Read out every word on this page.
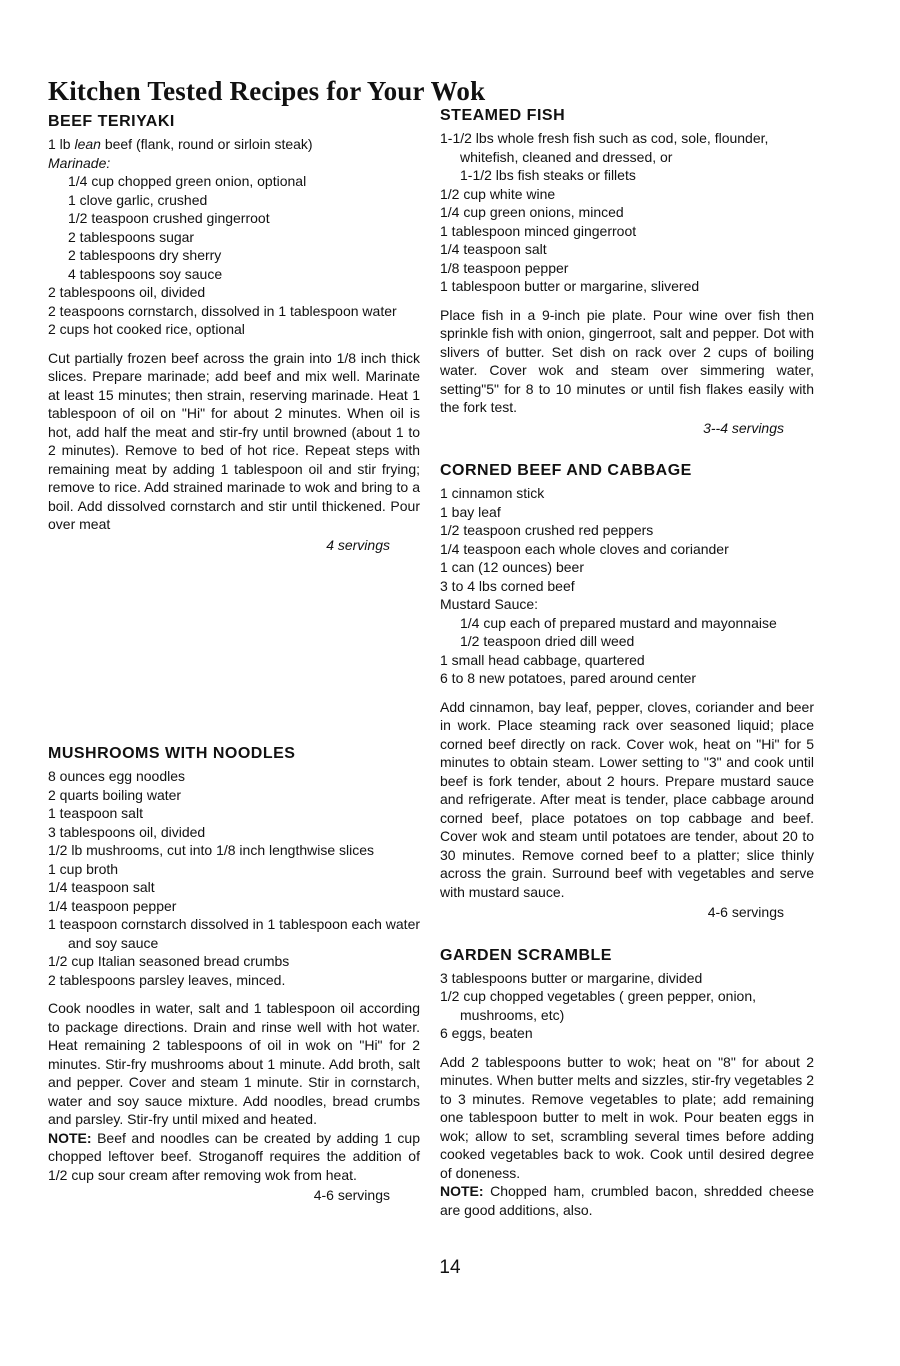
Kitchen Tested Recipes for Your Wok
BEEF TERIYAKI
1 lb lean beef (flank, round or sirloin steak)
Marinade:
1/4 cup chopped green onion, optional
1 clove garlic, crushed
1/2 teaspoon crushed gingerroot
2 tablespoons sugar
2 tablespoons dry sherry
4 tablespoons soy sauce
2 tablespoons oil, divided
2 teaspoons cornstarch, dissolved in 1 tablespoon water
2 cups hot cooked rice, optional

Cut partially frozen beef across the grain into 1/8 inch thick slices. Prepare marinade; add beef and mix well. Marinate at least 15 minutes; then strain, reserving marinade. Heat 1 tablespoon of oil on "Hi" for about 2 minutes. When oil is hot, add half the meat and stir-fry until browned (about 1 to 2 minutes). Remove to bed of hot rice. Repeat steps with remaining meat by adding 1 tablespoon oil and stir frying; remove to rice. Add strained marinade to wok and bring to a boil. Add dissolved cornstarch and stir until thickened. Pour over meat

4 servings

MUSHROOMS WITH NOODLES
8 ounces egg noodles
2 quarts boiling water
1 teaspoon salt
3 tablespoons oil, divided
1/2 lb mushrooms, cut into 1/8 inch lengthwise slices
1 cup broth
1/4 teaspoon salt
1/4 teaspoon pepper
1 teaspoon cornstarch dissolved in 1 tablespoon each water and soy sauce
1/2 cup Italian seasoned bread crumbs
2 tablespoons parsley leaves, minced.

Cook noodles in water, salt and 1 tablespoon oil according to package directions. Drain and rinse well with hot water. Heat remaining 2 tablespoons of oil in wok on "Hi" for 2 minutes. Stir-fry mushrooms about 1 minute. Add broth, salt and pepper. Cover and steam 1 minute. Stir in cornstarch, water and soy sauce mixture. Add noodles, bread crumbs and parsley. Stir-fry until mixed and heated.

NOTE: Beef and noodles can be created by adding 1 cup chopped leftover beef. Stroganoff requires the addition of 1/2 cup sour cream after removing wok from heat.

4-6 servings

STEAMED FISH
1-1/2 lbs whole fresh fish such as cod, sole, flounder, whitefish, cleaned and dressed, or
1-1/2 lbs fish steaks or fillets
1/2 cup white wine
1/4 cup green onions, minced
1 tablespoon minced gingerroot
1/4 teaspoon salt
1/8 teaspoon pepper
1 tablespoon butter or margarine, slivered

Place fish in a 9-inch pie plate. Pour wine over fish then sprinkle fish with onion, gingerroot, salt and pepper. Dot with slivers of butter. Set dish on rack over 2 cups of boiling water. Cover wok and steam over simmering water, setting"5" for 8 to 10 minutes or until fish flakes easily with the fork test.

3--4 servings

CORNED BEEF AND CABBAGE
1 cinnamon stick
1 bay leaf
1/2 teaspoon crushed red peppers
1/4 teaspoon each whole cloves and coriander
1 can (12 ounces) beer
3 to 4 lbs corned beef
Mustard Sauce:
1/4 cup each of prepared mustard and mayonnaise
1/2 teaspoon dried dill weed
1 small head cabbage, quartered
6 to 8 new potatoes, pared around center

Add cinnamon, bay leaf, pepper, cloves, coriander and beer in work. Place steaming rack over seasoned liquid; place corned beef directly on rack. Cover wok, heat on "Hi" for 5 minutes to obtain steam. Lower setting to "3" and cook until beef is fork tender, about 2 hours. Prepare mustard sauce and refrigerate. After meat is tender, place cabbage around corned beef, place potatoes on top cabbage and beef. Cover wok and steam until potatoes are tender, about 20 to 30 minutes. Remove corned beef to a platter; slice thinly across the grain. Surround beef with vegetables and serve with mustard sauce.

4-6 servings

GARDEN SCRAMBLE
3 tablespoons butter or margarine, divided
1/2 cup chopped vegetables ( green pepper, onion, mushrooms, etc)
6 eggs, beaten

Add 2 tablespoons butter to wok; heat on "8" for about 2 minutes. When butter melts and sizzles, stir-fry vegetables 2 to 3 minutes. Remove vegetables to plate; add remaining one tablespoon butter to melt in wok. Pour beaten eggs in wok; allow to set, scrambling several times before adding cooked vegetables back to wok. Cook until desired degree of doneness.

NOTE: Chopped ham, crumbled bacon, shredded cheese are good additions, also.

14
